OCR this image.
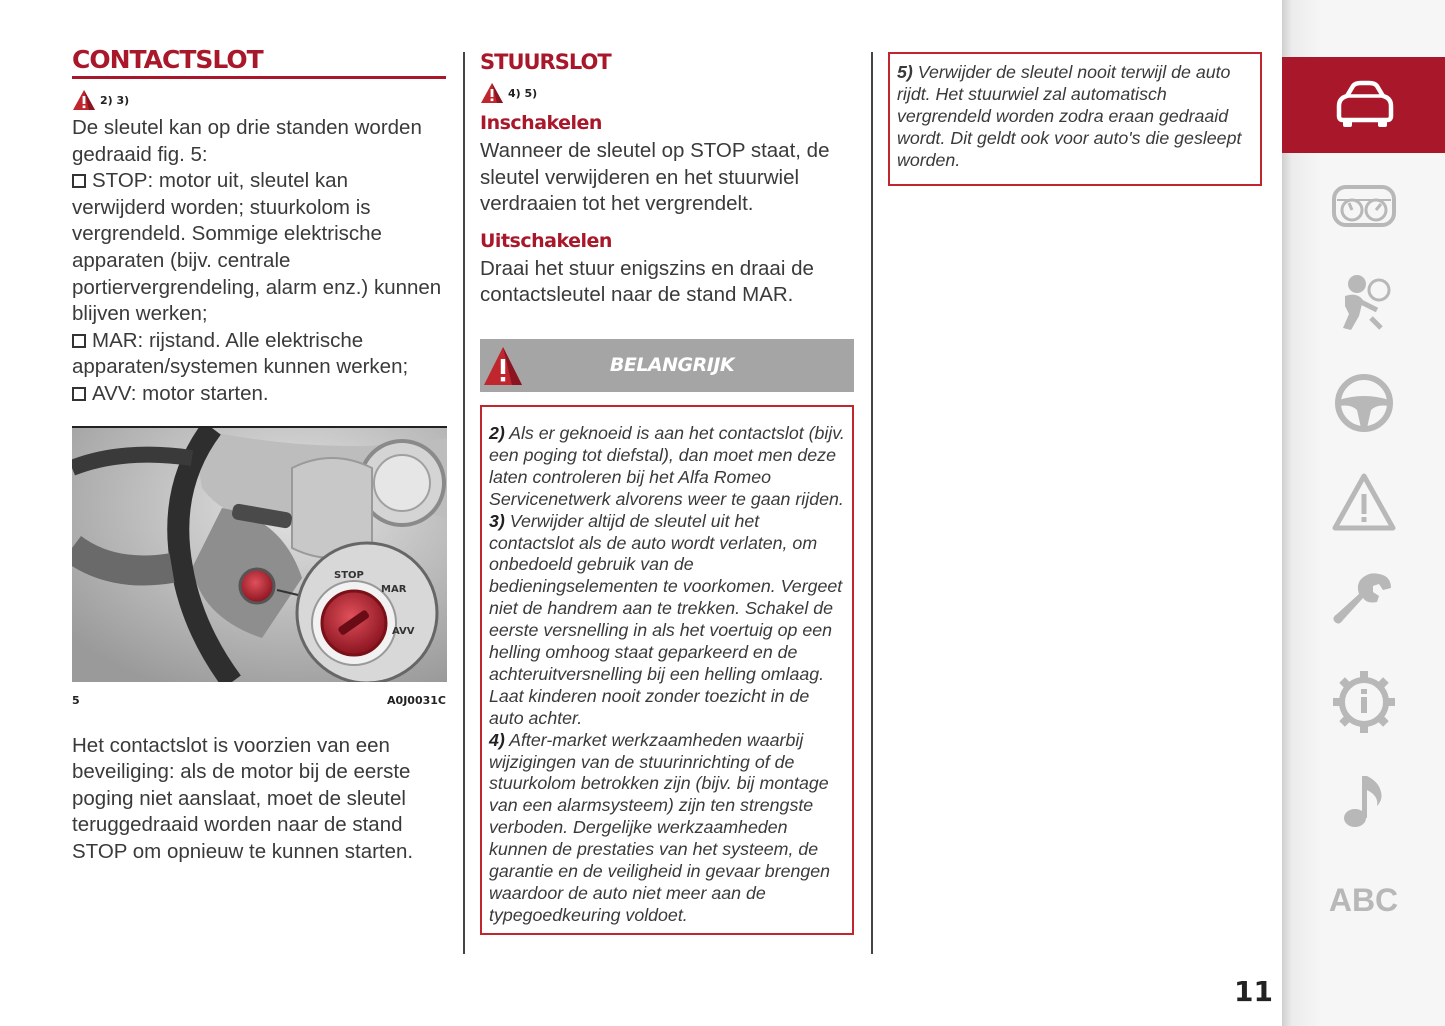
CONTACTSLOT
2) 3)

De sleutel kan op drie standen worden gedraaid fig. 5:

STOP: motor uit, sleutel kan verwijderd worden; stuurkolom is vergrendeld. Sommige elektrische apparaten (bijv. centrale portiervergrendeling, alarm enz.) kunnen blijven werken;

MAR: rijstand. Alle elektrische apparaten/systemen kunnen werken;

AVV: motor starten.

STOP
MAR
AVV
5	A0J0031C

Het contactslot is voorzien van een beveiliging: als de motor bij de eerste poging niet aanslaat, moet de sleutel teruggedraaid worden naar de stand STOP om opnieuw te kunnen starten.

STUURSLOT
4) 5)
Inschakelen

Wanneer de sleutel op STOP staat, de sleutel verwijderen en het stuurwiel verdraaien tot het vergrendelt.

Uitschakelen

Draai het stuur enigszins en draai de contactsleutel naar de stand MAR.

BELANGRIJK
2) Als er geknoeid is aan het contactslot (bijv. een poging tot diefstal), dan moet men deze laten controleren bij het Alfa Romeo Servicenetwerk alvorens weer te gaan rijden.
3) Verwijder altijd de sleutel uit het contactslot als de auto wordt verlaten, om onbedoeld gebruik van de bedieningselementen te voorkomen. Vergeet niet de handrem aan te trekken. Schakel de eerste versnelling in als het voertuig op een helling omhoog staat geparkeerd en de achteruitversnelling bij een helling omlaag. Laat kinderen nooit zonder toezicht in de auto achter.
4) After-market werkzaamheden waarbij wijzigingen van de stuurinrichting of de stuurkolom betrokken zijn (bijv. bij montage van een alarmsysteem) zijn ten strengste verboden. Dergelijke werkzaamheden kunnen de prestaties van het systeem, de garantie en de veiligheid in gevaar brengen waardoor de auto niet meer aan de typegoedkeuring voldoet.
5) Verwijder de sleutel nooit terwijl de auto rijdt. Het stuurwiel zal automatisch vergrendeld worden zodra eraan gedraaid wordt. Dit geldt ook voor auto's die gesleept worden.
11
ABC
